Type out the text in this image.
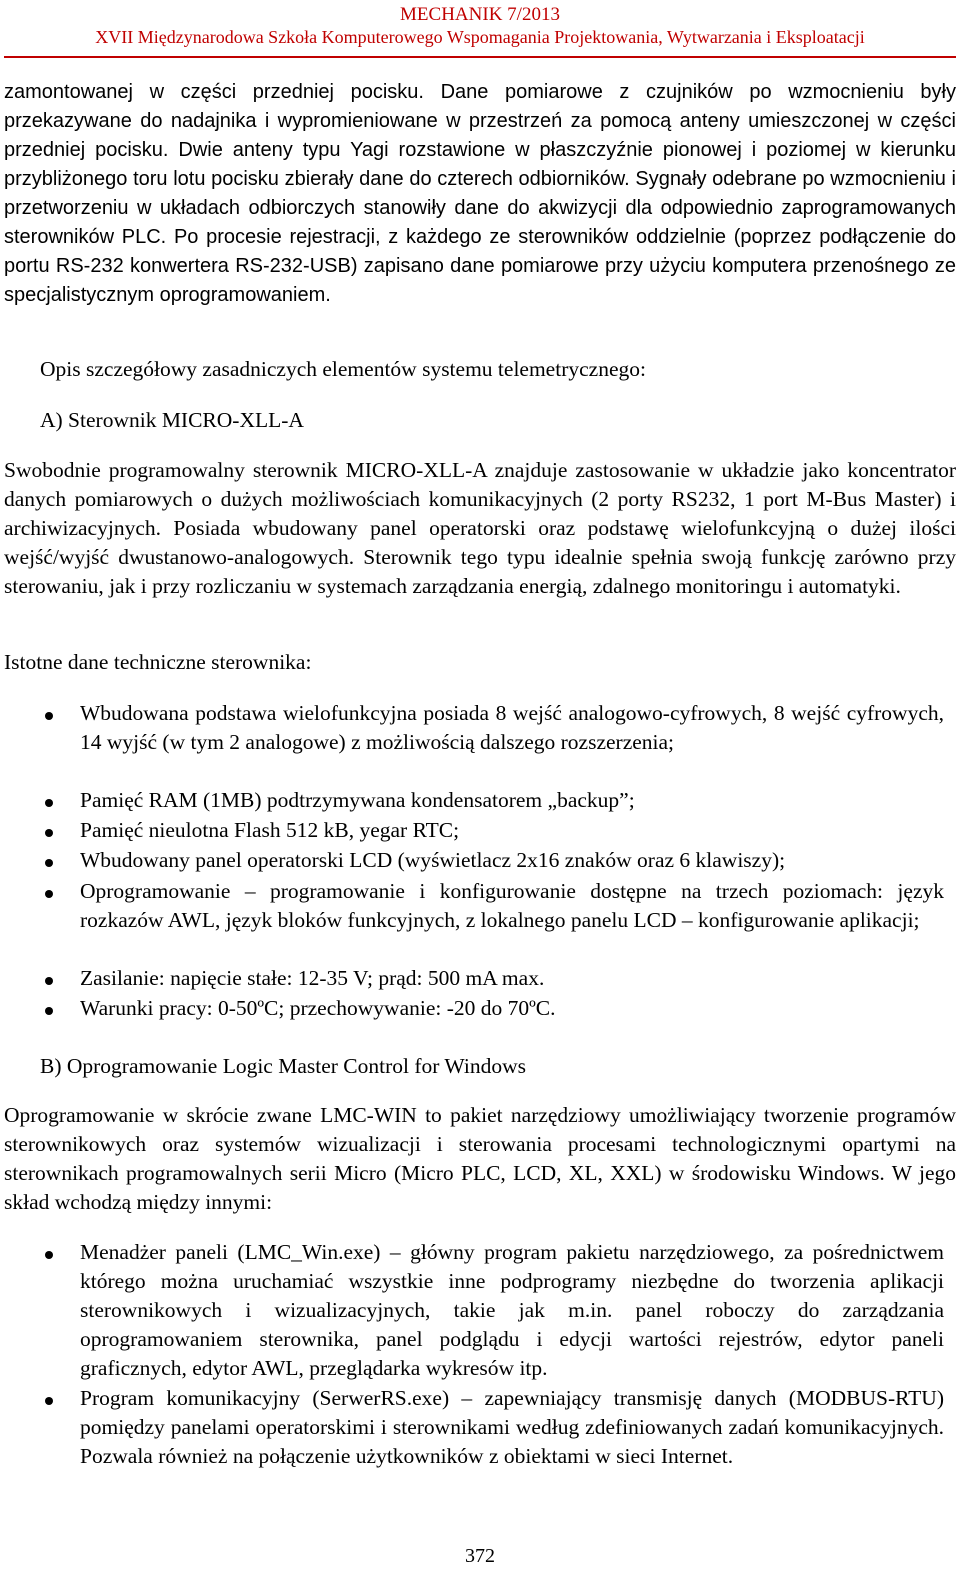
MECHANIK 7/2013
XVII Międzynarodowa Szkoła Komputerowego Wspomagania Projektowania, Wytwarzania i Eksploatacji
zamontowanej w części przedniej pocisku. Dane pomiarowe z czujników po wzmocnieniu były przekazywane do nadajnika i wypromieniowane w przestrzeń za pomocą anteny umieszczonej w części przedniej pocisku. Dwie anteny typu Yagi rozstawione w płaszczyźnie pionowej i poziomej w kierunku przybliżonego toru lotu pocisku zbierały dane do czterech odbiorników. Sygnały odebrane po wzmocnieniu i przetworzeniu w układach odbiorczych stanowiły dane do akwizycji dla odpowiednio zaprogramowanych sterowników PLC. Po procesie rejestracji, z każdego ze sterowników oddzielnie (poprzez podłączenie do portu RS-232 konwertera RS-232-USB) zapisano dane pomiarowe przy użyciu komputera przenośnego ze specjalistycznym oprogramowaniem.
Opis szczegółowy zasadniczych elementów systemu telemetrycznego:
A) Sterownik MICRO-XLL-A
Swobodnie programowalny sterownik MICRO-XLL-A znajduje zastosowanie w układzie jako koncentrator danych pomiarowych o dużych możliwościach komunikacyjnych (2 porty RS232, 1 port M-Bus Master) i archiwizacyjnych. Posiada wbudowany panel operatorski oraz podstawę wielofunkcyjną o dużej ilości wejść/wyjść dwustanowo-analogowych. Sterownik tego typu idealnie spełnia swoją funkcję zarówno przy sterowaniu, jak i przy rozliczaniu w systemach zarządzania energią, zdalnego monitoringu i automatyki.
Istotne dane techniczne sterownika:
Wbudowana podstawa wielofunkcyjna posiada 8 wejść analogowo-cyfrowych, 8 wejść cyfrowych, 14 wyjść (w tym 2 analogowe) z możliwością dalszego rozszerzenia;
Pamięć RAM (1MB) podtrzymywana kondensatorem „backup”;
Pamięć nieulotna Flash 512 kB, yegar RTC;
Wbudowany panel operatorski LCD (wyświetlacz 2x16 znaków oraz 6 klawiszy);
Oprogramowanie – programowanie i konfigurowanie dostępne na trzech poziomach: język rozkazów AWL, język bloków funkcyjnych, z lokalnego panelu LCD – konfigurowanie aplikacji;
Zasilanie: napięcie stałe: 12-35 V; prąd: 500 mA max.
Warunki pracy: 0-50ºC; przechowywanie: -20 do 70ºC.
B) Oprogramowanie Logic Master Control for Windows
Oprogramowanie w skrócie zwane LMC-WIN to pakiet narzędziowy umożliwiający tworzenie programów sterownikowych oraz systemów wizualizacji i sterowania procesami technologicznymi opartymi na sterownikach programowalnych serii Micro (Micro PLC, LCD, XL, XXL) w środowisku Windows. W jego skład wchodzą między innymi:
Menadżer paneli (LMC_Win.exe) – główny program pakietu narzędziowego, za pośrednictwem którego można uruchamiać wszystkie inne podprogramy niezbędne do tworzenia aplikacji sterownikowych i wizualizacyjnych, takie jak m.in. panel roboczy do zarządzania oprogramowaniem sterownika, panel podglądu i edycji wartości rejestrów, edytor paneli graficznych, edytor AWL, przeglądarka wykresów itp.
Program komunikacyjny (SerwerRS.exe) – zapewniający transmisję danych (MODBUS-RTU) pomiędzy panelami operatorskimi i sterownikami według zdefiniowanych zadań komunikacyjnych. Pozwala również na połączenie użytkowników z obiektami w sieci Internet.
372
